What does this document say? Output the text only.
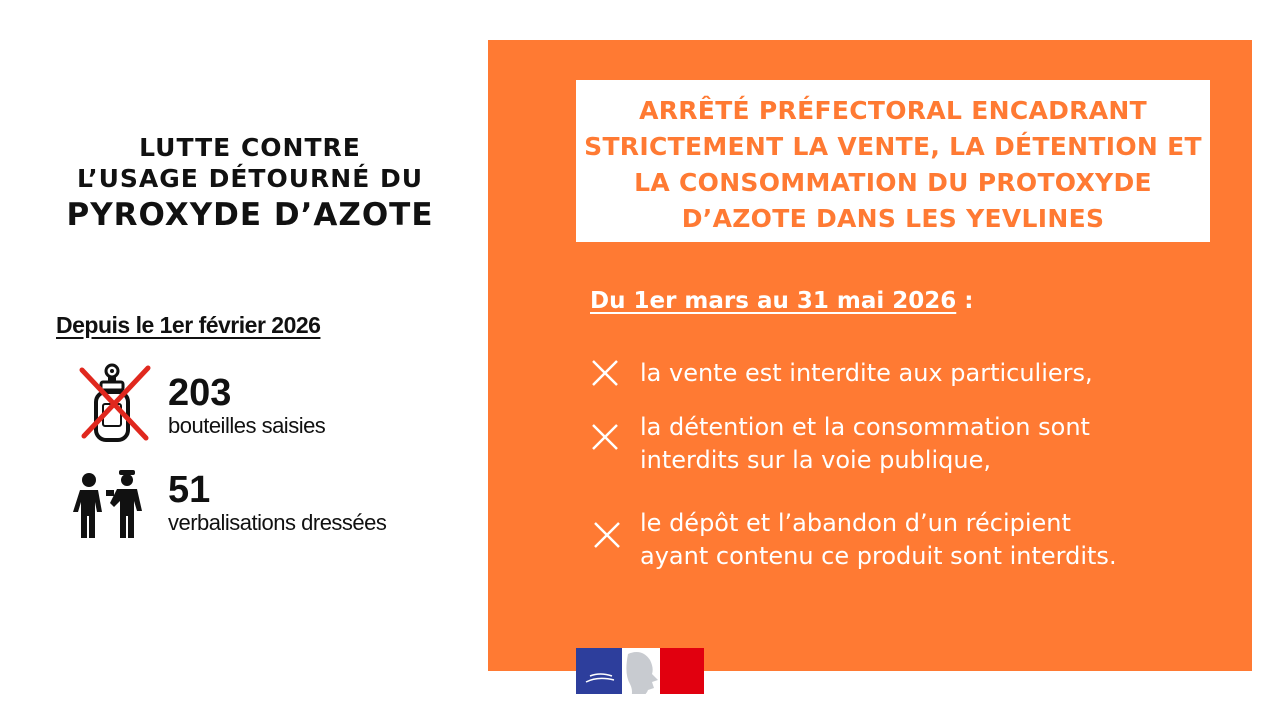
LUTTE CONTRE
L’USAGE DÉTOURNÉ DU
PYROXYDE D’AZOTE
Depuis le 1er février 2026
203
bouteilles saisies
51
verbalisations dressées
ARRÊTÉ PRÉFECTORAL ENCADRANT STRICTEMENT LA VENTE, LA DÉTENTION ET LA CONSOMMATION DU PROTOXYDE D’AZOTE DANS LES YEVLINES
Du 1er mars au 31 mai 2026 :
la vente est interdite aux particuliers,
la détention et la consommation sont
interdits sur la voie publique,
le dépôt et l’abandon d’un récipient
ayant contenu ce produit sont interdits.
